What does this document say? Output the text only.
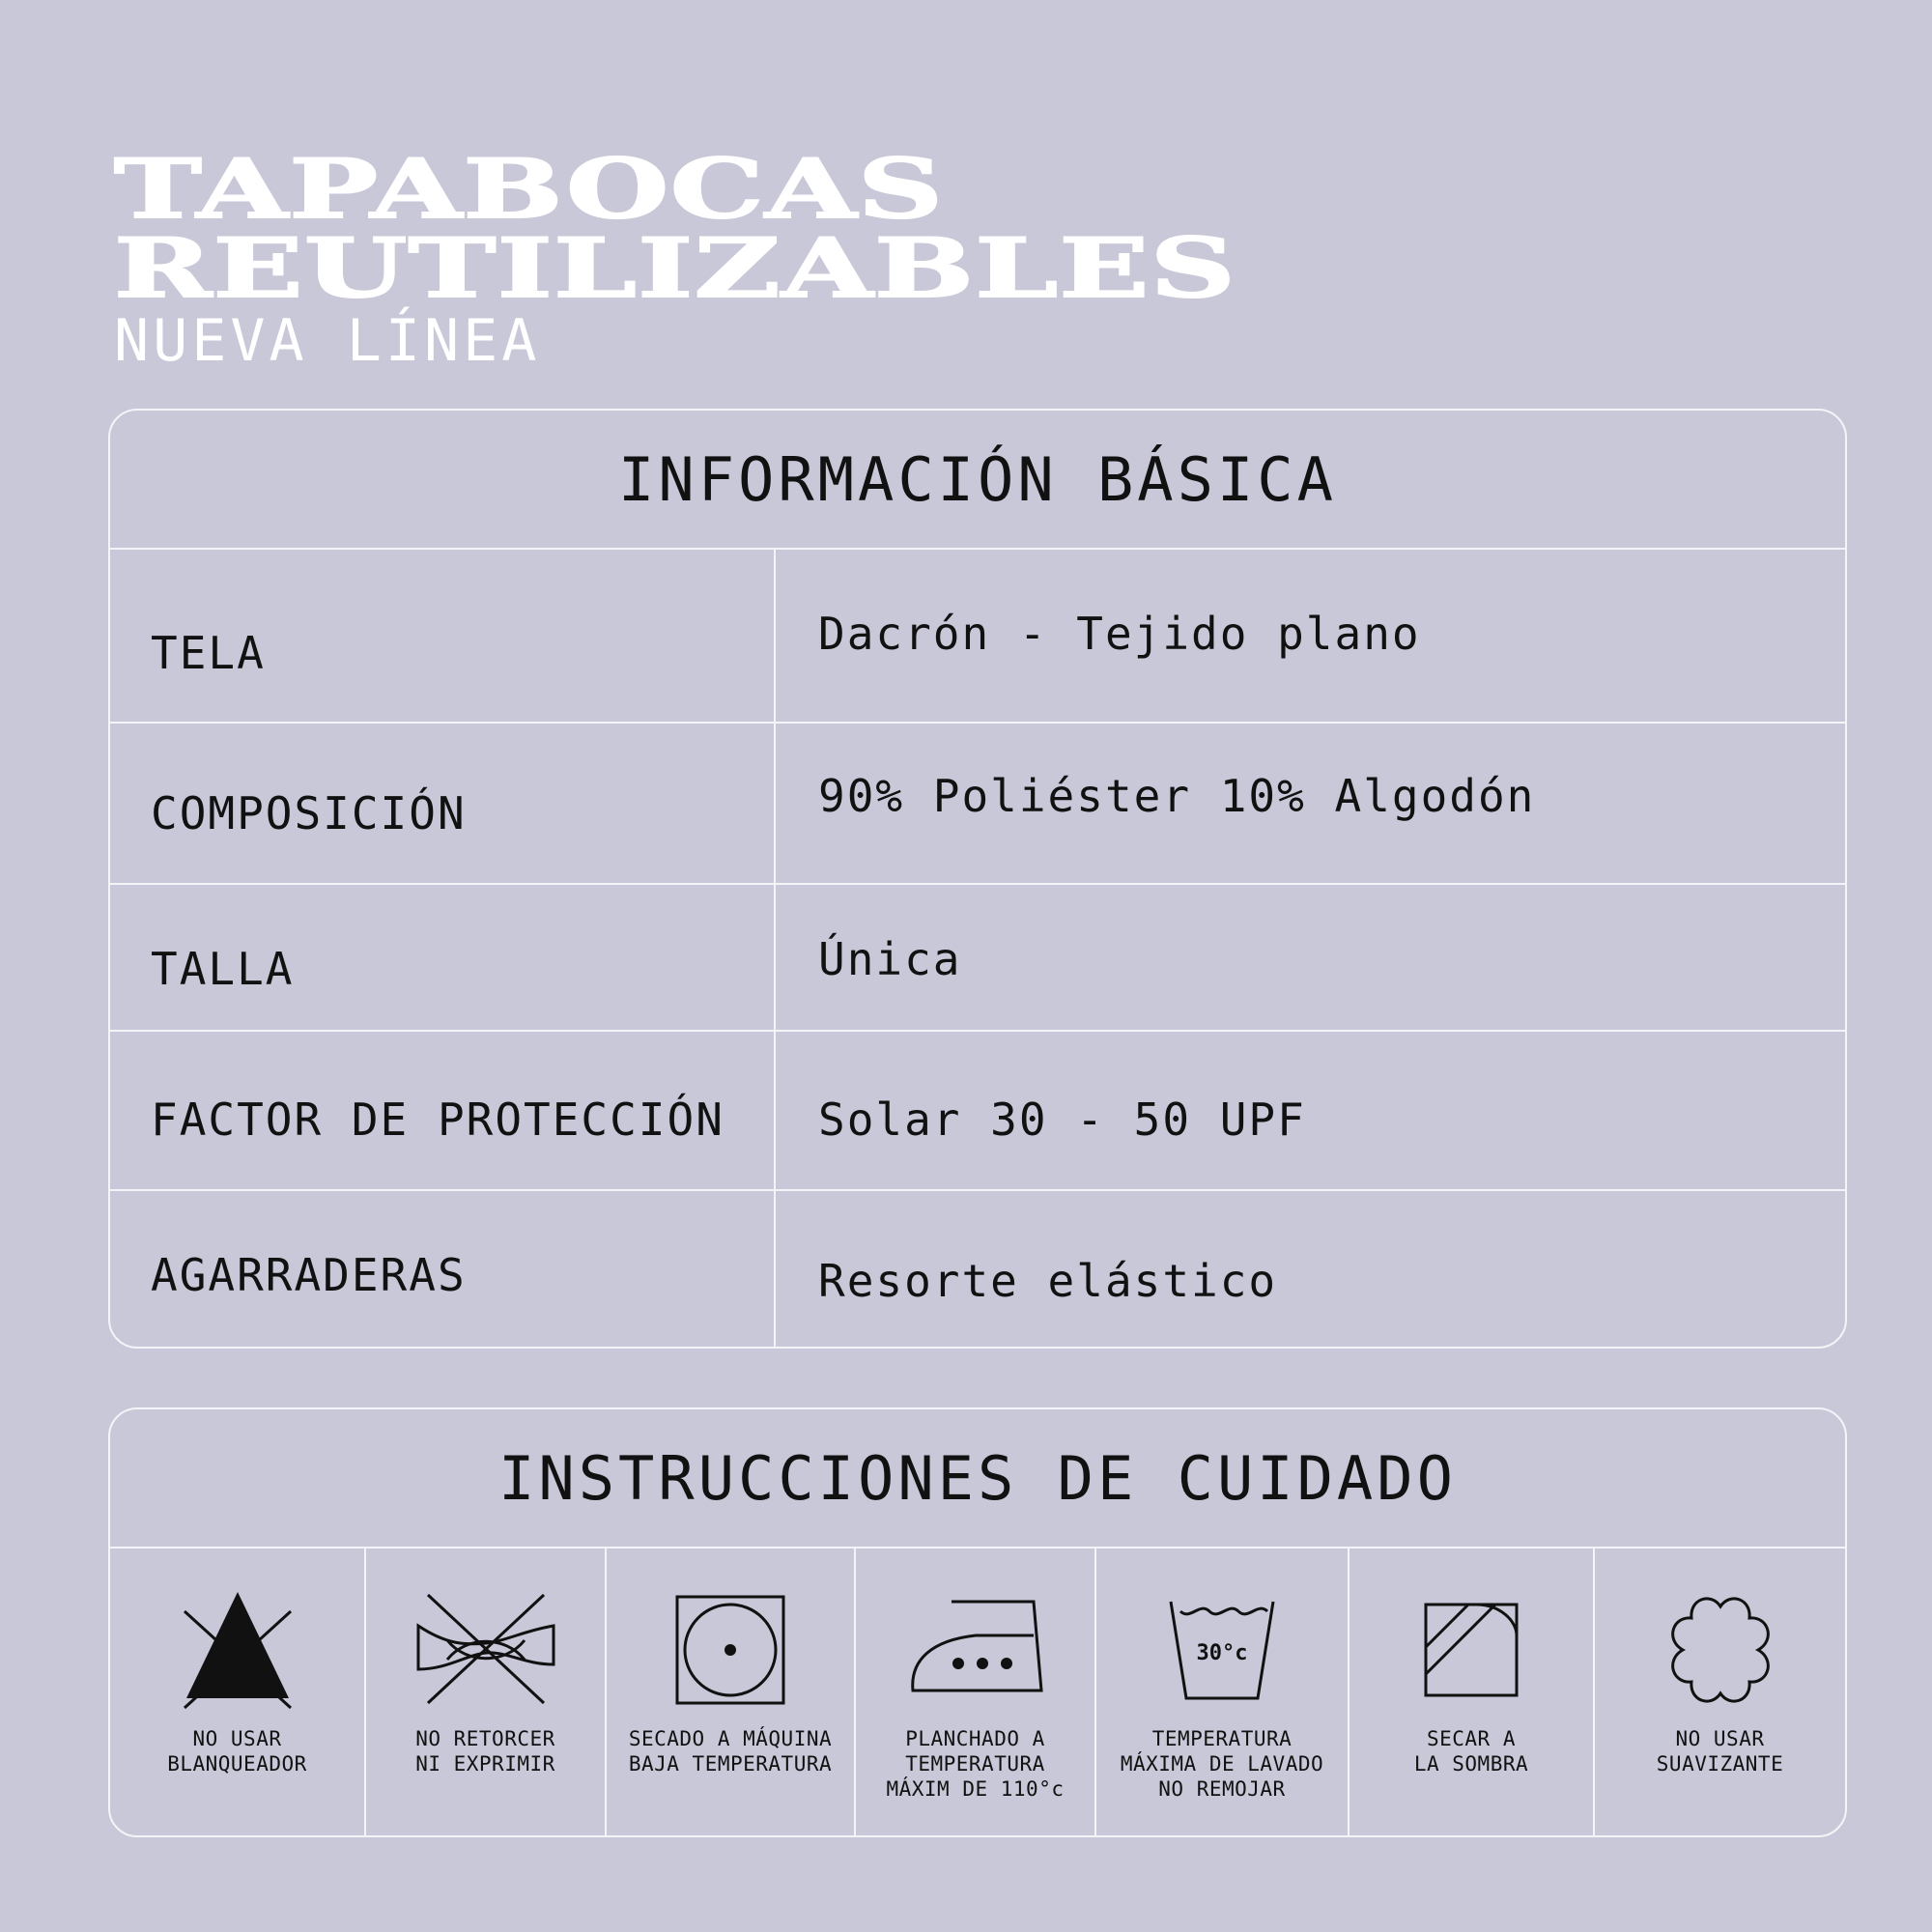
TAPABOCAS
REUTILIZABLES
NUEVA LÍNEA
INFORMACIÓN BÁSICA
TELA	Dacrón - Tejido plano
COMPOSICIÓN	90% Poliéster 10% Algodón
TALLA	Única
FACTOR DE PROTECCIÓN Solar 30 - 50 UPF
AGARRADERAS	Resorte elástico
INSTRUCCIONES DE CUIDADO
NO USAR
BLANQUEADOR
NO RETORCER
NI EXPRIMIR
SECADO A MÁQUINA
BAJA TEMPERATURA
PLANCHADO A
TEMPERATURA
MÁXIM DE 110°c
30°c
TEMPERATURA
MÁXIMA DE LAVADO
NO REMOJAR
SECAR A
LA SOMBRA
NO USAR
SUAVIZANTE
